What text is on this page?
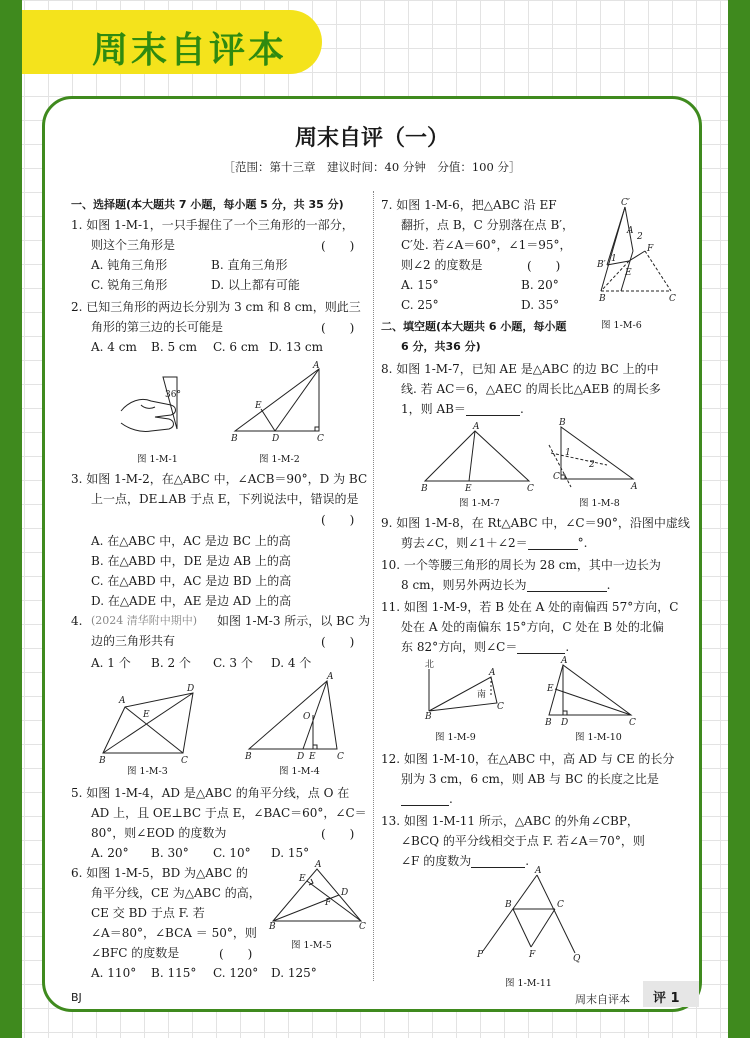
周末自评本
周末自评（一）
［范围：第十三章　建议时间：40 分钟　分值：100 分］
一、选择题(本大题共 7 小题，每小题 5 分，共 35 分)
1. 如图 1-M-1，一只手握住了一个三角形的一部分，
则这个三角形是	(　　)
A. 钝角三角形	B. 直角三角形
C. 锐角三角形	D. 以上都有可能
2. 已知三角形的两边长分别为 3 cm 和 8 cm，则此三
角形的第三边的长可能是	(　　)
A. 4 cm B. 5 cm C. 6 cm D. 13 cm
36°
图 1-M-1
A
B	D	C
E
图 1-M-2
3. 如图 1-M-2，在△ABC 中，∠ACB＝90°，D 为 BC
上一点，DE⊥AB 于点 E，下列说法中，错误的是
(　　)
A. 在△ABC 中，AC 是边 BC 上的高
B. 在△ABD 中，DE 是边 AB 上的高
C. 在△ABD 中，AC 是边 BD 上的高
D. 在△ADE 中，AE 是边 AD 上的高
4. (2024 清华附中期中) 如图 1-M-3 所示，以 BC 为
边的三角形共有	(　　)
A. 1 个 B. 2 个 C. 3 个 D. 4 个
A
D
E
B	C
图 1-M-3
A
B	D E C
O
图 1-M-4
5. 如图 1-M-4，AD 是△ABC 的角平分线，点 O 在
AD 上，且 OE⊥BC 于点 E，∠BAC＝60°，∠C＝
80°，则∠EOD 的度数为	(　　)
A. 20° B. 30° C. 10° D. 15°
6. 如图 1-M-5，BD 为△ABC 的
角平分线，CE 为△ABC 的高，
CE 交 BD 于点 F. 若
∠A＝80°，∠BCA ＝ 50°，则
∠BFC 的度数是	(　　)
A. 110° B. 115° C. 120° D. 125°
A
E
D
F
B	C
图 1-M-5
7. 如图 1-M-6，把△ABC 沿 EF
翻折，点 B，C 分别落在点 B′，
C′处. 若∠A＝60°，∠1＝95°，
则∠2 的度数是	(　　)
A. 15°	B. 20°
C. 25°	D. 35°
C′
A
2
1
B′
F
E
B	C
图 1-M-6
二、填空题(本大题共 6 小题，每小题
6 分，共36 分)
8. 如图 1-M-7，已知 AE 是△ABC 的边 BC 上的中
线. 若 AC＝6，△AEC 的周长比△AEB 的周长多
1，则 AB＝	.
A
B	E	C
图 1-M-7
B
1
2
C
A
图 1-M-8
9. 如图 1-M-8，在 Rt△ABC 中，∠C＝90°，沿图中虚线
剪去∠C，则∠1＋∠2＝	°.
10. 一个等腰三角形的周长为 28 cm，其中一边长为
8 cm，则另外两边长为	.
11. 如图 1-M-9，若 B 处在 A 处的南偏西 57°方向，C
处在 A 处的南偏东 15°方向，C 处在 B 处的北偏
东 82°方向，则∠C＝	.
北
南
A
B
C
图 1-M-9
A
E
B D	C
图 1-M-10
12. 如图 1-M-10，在△ABC 中，高 AD 与 CE 的长分
别为 3 cm，6 cm，则 AB 与 BC 的长度之比是
.
13. 如图 1-M-11 所示，△ABC 的外角∠CBP，
∠BCQ 的平分线相交于点 F. 若∠A＝70°，则
∠F 的度数为	.
A
B	C
F
P	Q
图 1-M-11
BJ	周末自评本 评 1
